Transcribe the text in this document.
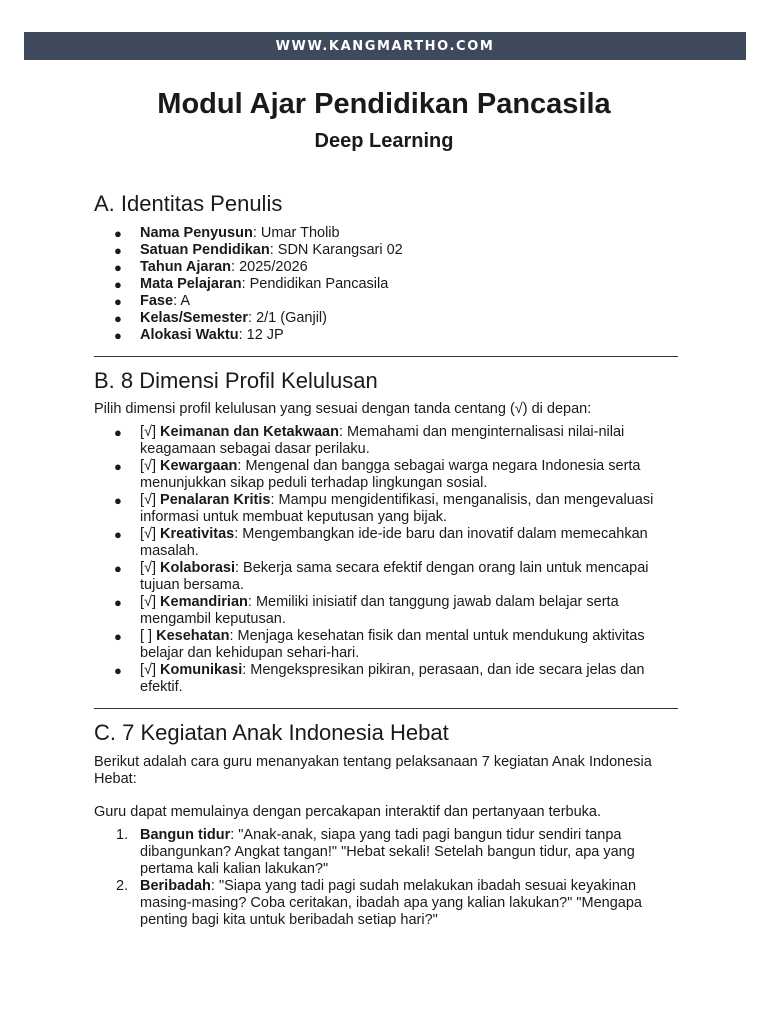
WWW.KANGMARTHO.COM
Modul Ajar Pendidikan Pancasila
Deep Learning
A. Identitas Penulis
● Nama Penyusun: Umar Tholib
● Satuan Pendidikan: SDN Karangsari 02
● Tahun Ajaran: 2025/2026
● Mata Pelajaran: Pendidikan Pancasila
● Fase: A
● Kelas/Semester: 2/1 (Ganjil)
● Alokasi Waktu: 12 JP
B. 8 Dimensi Profil Kelulusan

Pilih dimensi profil kelulusan yang sesuai dengan tanda centang (√) di depan:

● [√] Keimanan dan Ketakwaan: Memahami dan menginternalisasi nilai-nilai keagamaan sebagai dasar perilaku.
● [√] Kewargaan: Mengenal dan bangga sebagai warga negara Indonesia serta menunjukkan sikap peduli terhadap lingkungan sosial.
● [√] Penalaran Kritis: Mampu mengidentifikasi, menganalisis, dan mengevaluasi informasi untuk membuat keputusan yang bijak.
● [√] Kreativitas: Mengembangkan ide-ide baru dan inovatif dalam memecahkan masalah.
● [√] Kolaborasi: Bekerja sama secara efektif dengan orang lain untuk mencapai tujuan bersama.
● [√] Kemandirian: Memiliki inisiatif dan tanggung jawab dalam belajar serta mengambil keputusan.
● [ ] Kesehatan: Menjaga kesehatan fisik dan mental untuk mendukung aktivitas belajar dan kehidupan sehari-hari.
● [√] Komunikasi: Mengekspresikan pikiran, perasaan, dan ide secara jelas dan efektif.
C. 7 Kegiatan Anak Indonesia Hebat

Berikut adalah cara guru menanyakan tentang pelaksanaan 7 kegiatan Anak Indonesia Hebat:

Guru dapat memulainya dengan percakapan interaktif dan pertanyaan terbuka.

1. Bangun tidur: "Anak-anak, siapa yang tadi pagi bangun tidur sendiri tanpa dibangunkan? Angkat tangan!" "Hebat sekali! Setelah bangun tidur, apa yang pertama kali kalian lakukan?"
2. Beribadah: "Siapa yang tadi pagi sudah melakukan ibadah sesuai keyakinan masing-masing? Coba ceritakan, ibadah apa yang kalian lakukan?" "Mengapa penting bagi kita untuk beribadah setiap hari?"
